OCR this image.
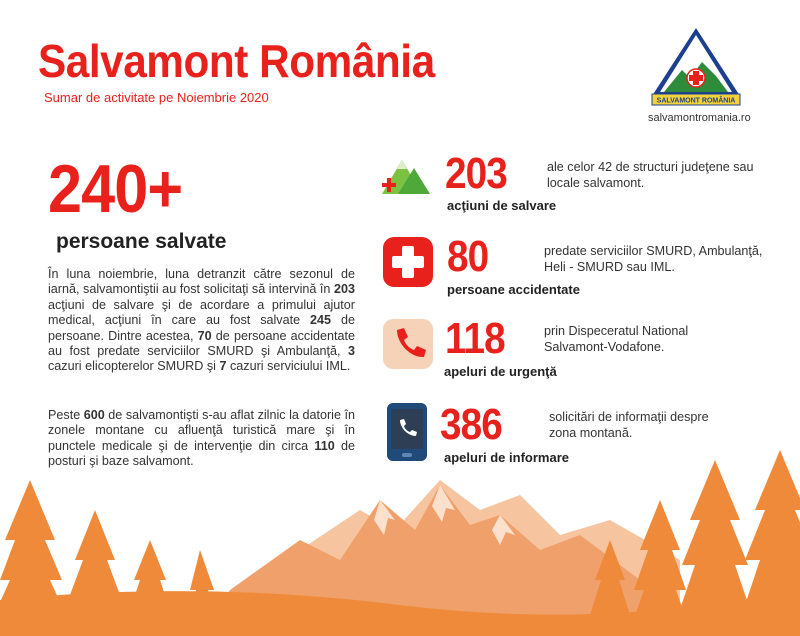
Salvamont România
Sumar de activitate pe Noiembrie 2020	SALVAMONT ROMÂNIA
salvamontromania.ro
240+
persoane salvate
În luna noiembrie, luna detranzit către sezonul de iarnă, salvamontiştii au fost solicitaţi să intervină în 203 acţiuni de salvare şi de acordare a primului ajutor medical, acţiuni în care au fost salvate 245 de persoane. Dintre acestea, 70 de persoane accidentate au fost predate serviciilor SMURD şi Ambulanţă, 3 cazuri elicopterelor SMURD şi 7 cazuri serviciului IML.
Peste 600 de salvamontişti s-au aflat zilnic la datorie în zonele montane cu afluenţă turistică mare şi în punctele medicale şi de intervenţie din circa 110 de posturi şi baze salvamont.
203
acţiuni de salvare
ale celor 42 de structuri judeţene sau locale salvamont.
80
persoane accidentate
predate serviciilor SMURD, Ambulanţă, Heli - SMURD sau IML.
118
apeluri de urgenţă
prin Dispeceratul National Salvamont-Vodafone.
386
apeluri de informare
solicitări de informaţii despre zona montană.
